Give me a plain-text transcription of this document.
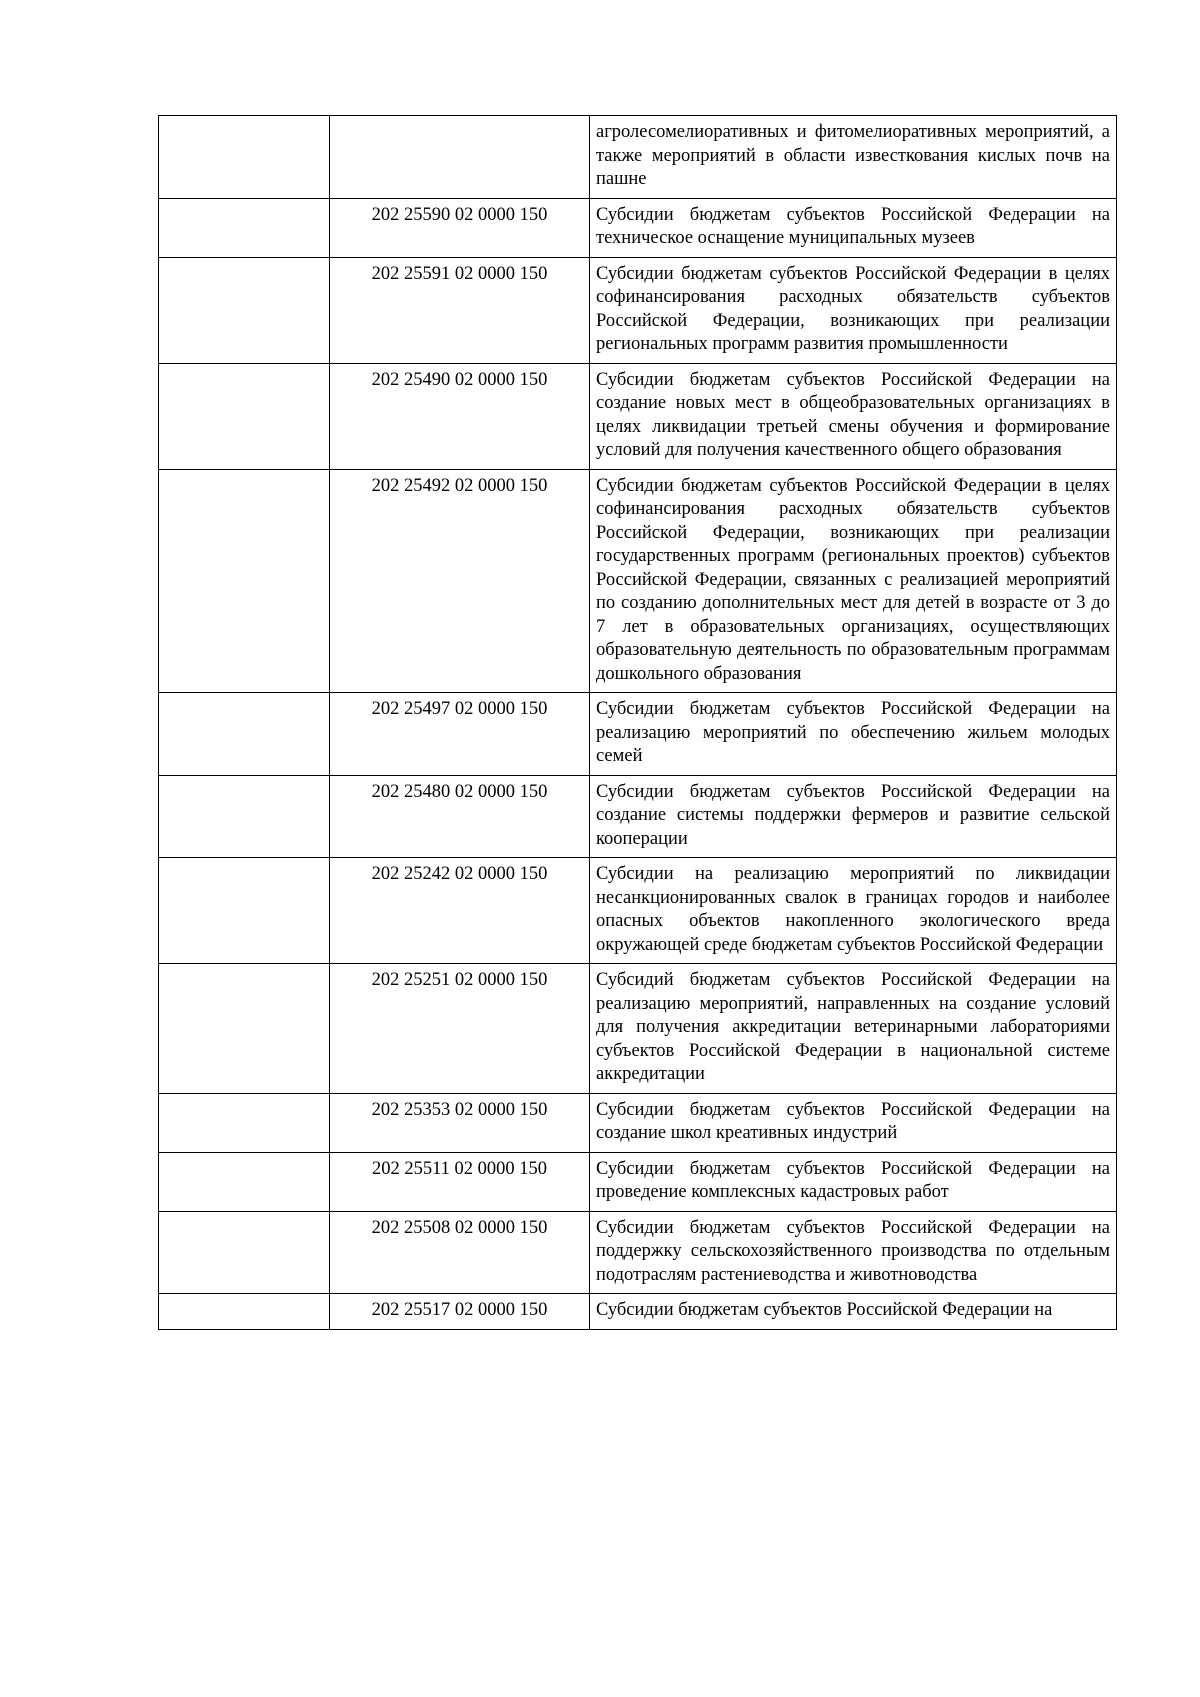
		агролесомелиоративных и фитомелиоративных мероприятий, а также мероприятий в области известкования кислых почв на пашне
	202 25590 02 0000 150	Субсидии бюджетам субъектов Российской Федерации на техническое оснащение муниципальных музеев
	202 25591 02 0000 150	Субсидии бюджетам субъектов Российской Федерации в целях софинансирования расходных обязательств субъектов Российской Федерации, возникающих при реализации региональных программ развития промышленности
	202 25490 02 0000 150	Субсидии бюджетам субъектов Российской Федерации на создание новых мест в общеобразовательных организациях в целях ликвидации третьей смены обучения и формирование условий для получения качественного общего образования
	202 25492 02 0000 150	Субсидии бюджетам субъектов Российской Федерации в целях софинансирования расходных обязательств субъектов Российской Федерации, возникающих при реализации государственных программ (региональных проектов) субъектов Российской Федерации, связанных с реализацией мероприятий по созданию дополнительных мест для детей в возрасте от 3 до 7 лет в образовательных организациях, осуществляющих образовательную деятельность по образовательным программам дошкольного образования
	202 25497 02 0000 150	Субсидии бюджетам субъектов Российской Федерации на реализацию мероприятий по обеспечению жильем молодых семей
	202 25480 02 0000 150	Субсидии бюджетам субъектов Российской Федерации на создание системы поддержки фермеров и развитие сельской кооперации
	202 25242 02 0000 150	Субсидии на реализацию мероприятий по ликвидации несанкционированных свалок в границах городов и наиболее опасных объектов накопленного экологического вреда окружающей среде бюджетам субъектов Российской Федерации
	202 25251 02 0000 150	Субсидий бюджетам субъектов Российской Федерации на реализацию мероприятий, направленных на создание условий для получения аккредитации ветеринарными лабораториями субъектов Российской Федерации в национальной системе аккредитации
	202 25353 02 0000 150	Субсидии бюджетам субъектов Российской Федерации на создание школ креативных индустрий
	202 25511 02 0000 150	Субсидии бюджетам субъектов Российской Федерации на проведение комплексных кадастровых работ
	202 25508 02 0000 150	Субсидии бюджетам субъектов Российской Федерации на поддержку сельскохозяйственного производства по отдельным подотраслям растениеводства и животноводства
	202 25517 02 0000 150	Субсидии бюджетам субъектов Российской Федерации на
